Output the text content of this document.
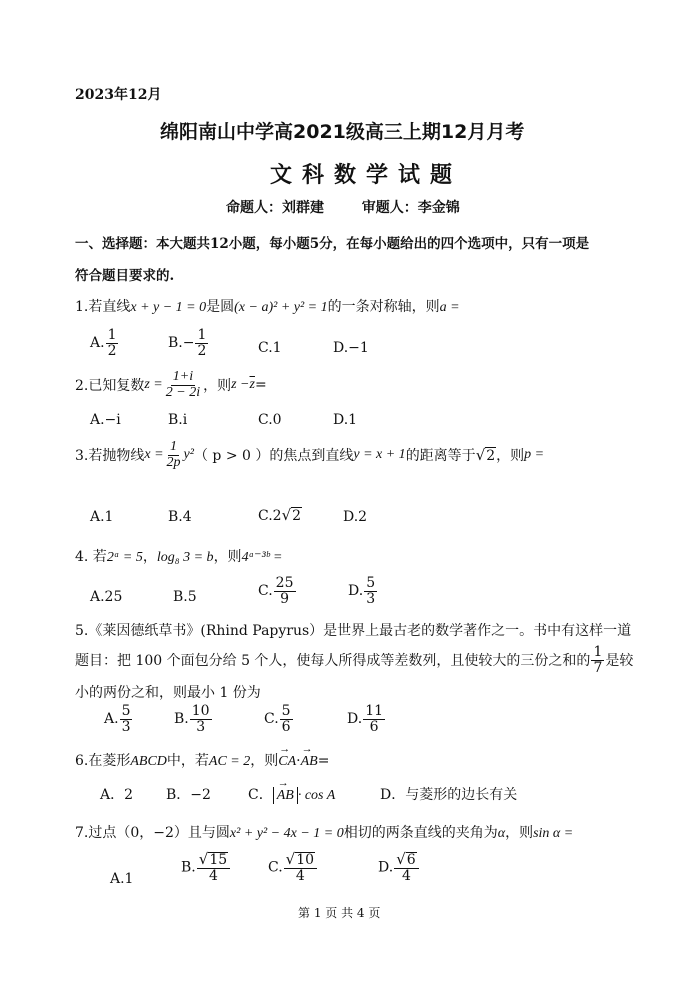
2023年12月
绵阳南山中学高2021级高三上期12月月考
文科数学试题
命题人：刘群建	审题人：李金锦
一、选择题：本大题共12小题，每小题5分，在每小题给出的四个选项中，只有一项是
符合题目要求的.
1.若直线x + y − 1 = 0是圆(x − a)² + y² = 1的一条对称轴，则a =
A. $\frac{1}{2}$	$B.- \frac{1}{2}$	C.1	D.−1
2.已知复数$z = \frac{1+i}{2 - 2i}$ ，则$z -\overline{z}=$
A.−i	B.i	C.0	D.1
3.若抛物线$x = \frac{1}{2p} y^2$（ p > 0 ）的焦点到直线y = x + 1的距离等于 √ 2 ，则p =
A.1	B.4	C.2 √ 2	D.2
4. 若2ᵃ = 5，log₈ 3 = b，则4ᵃ⁻³ᵇ =
A.25	B.5	C. $\frac{25}{9}$	D. $\frac{5}{3}$
5.《莱因德纸草书》(Rhind Papyrus）是世界上最古老的数学著作之一。书中有这样一道
题目：把 100 个面包分给 5 个人，使每人所得成等差数列，且使较大的三份之和的 $\frac{1}{7}$ 是较
小的两份之和，则最小 1 份为
A. $\frac{5}{3}$	B. $\frac{10}{3}$	C. $\frac{5}{6}$	D. $\frac{11}{6}$
6.在菱形ABCD中，若AC = 2，则→ CA·→ AB=
A．2 B．−2	C． → AB · cos A	D．与菱形的边长有关
7.过点（0，−2）且与圆x² + y² − 4x − 1 = 0相切的两条直线的夹角为α，则sin α =
A.1
B. $\frac{√ 15}{4}$	C. $\frac{√ 10}{4}$	D. $\frac{√ 6}{4}$
第 1 页 共 4 页
